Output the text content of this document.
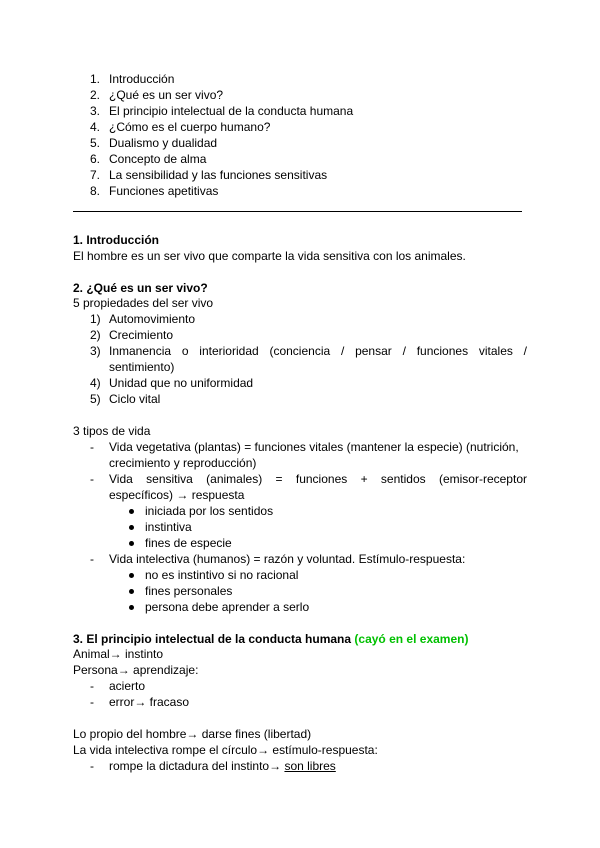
1. Introducción
2. ¿Qué es un ser vivo?
3. El principio intelectual de la conducta humana
4. ¿Cómo es el cuerpo humano?
5. Dualismo y dualidad
6. Concepto de alma
7. La sensibilidad y las funciones sensitivas
8. Funciones apetitivas
1. Introducción
El hombre es un ser vivo que comparte la vida sensitiva con los animales.
2. ¿Qué es un ser vivo?
5 propiedades del ser vivo
1) Automovimiento
2) Crecimiento
3) Inmanencia o interioridad (conciencia / pensar / funciones vitales /
sentimiento)
4) Unidad que no uniformidad
5) Ciclo vital
3 tipos de vida
- Vida vegetativa (plantas) = funciones vitales (mantener la especie) (nutrición,
crecimiento y reproducción)
- Vida sensitiva (animales) = funciones + sentidos (emisor-receptor
específicos) → respuesta
iniciada por los sentidos
instintiva
fines de especie
- Vida intelectiva (humanos) = razón y voluntad. Estímulo-respuesta:
no es instintivo si no racional
fines personales
persona debe aprender a serlo
3. El principio intelectual de la conducta humana (cayó en el examen)
Animal→ instinto
Persona→ aprendizaje:
- acierto
- error→ fracaso
Lo propio del hombre→ darse fines (libertad)
La vida intelectiva rompe el círculo→ estímulo-respuesta:
- rompe la dictadura del instinto→ son libres
